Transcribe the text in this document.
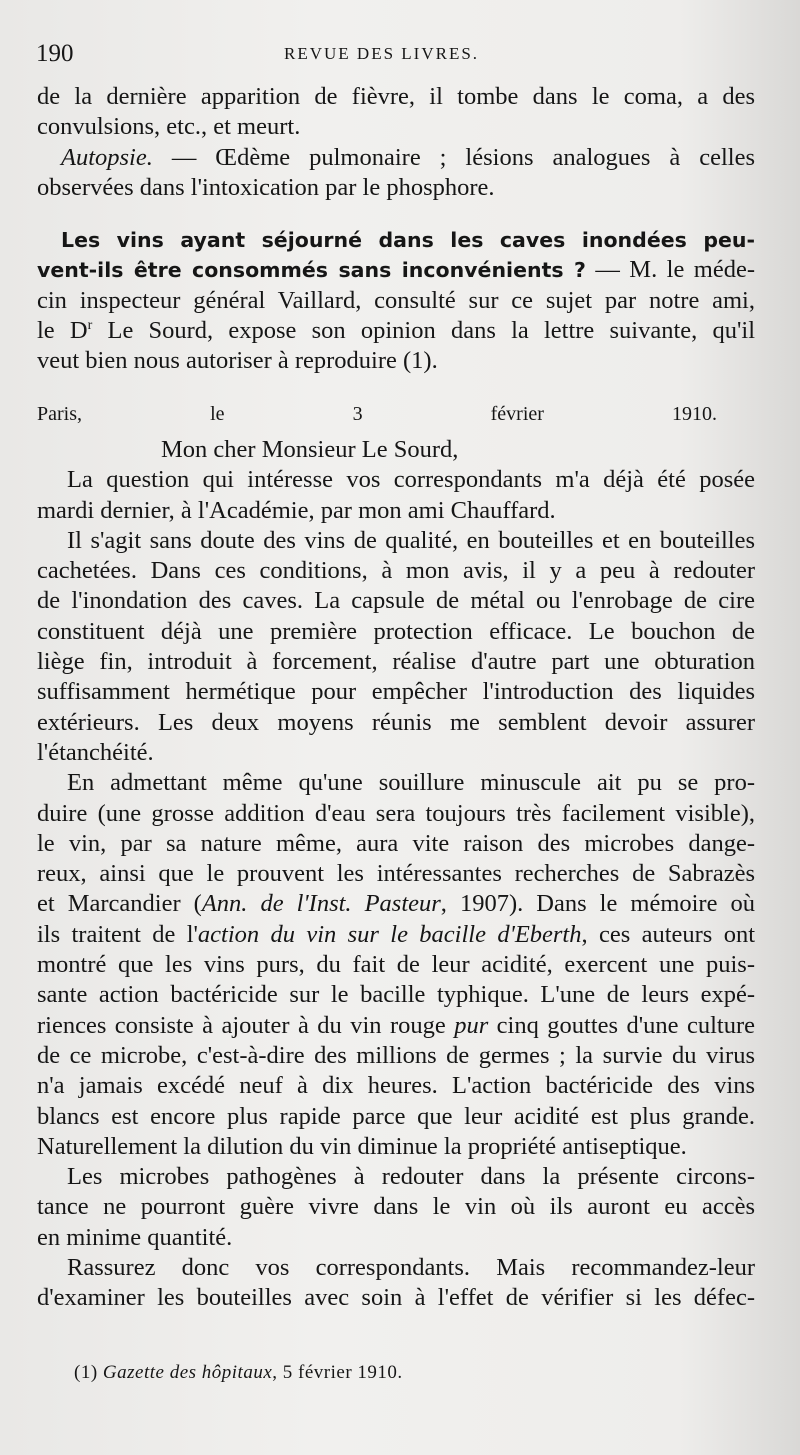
190	REVUE DES LIVRES.
de la dernière apparition de fièvre, il tombe dans le coma, a des
convulsions, etc., et meurt.
Autopsie. — Œdème pulmonaire ; lésions analogues à celles
observées dans l'intoxication par le phosphore.
Les vins ayant séjourné dans les caves inondées peu-
vent-ils être consommés sans inconvénients ? — M. le méde-
cin inspecteur général Vaillard, consulté sur ce sujet par notre ami,
le $D^r$ Le Sourd, expose son opinion dans la lettre suivante, qu'il
veut bien nous autoriser à reproduire (1).
Paris, le 3 février 1910.
Mon cher Monsieur Le Sourd,
La question qui intéresse vos correspondants m'a déjà été posée
mardi dernier, à l'Académie, par mon ami Chauffard.
Il s'agit sans doute des vins de qualité, en bouteilles et en bouteilles
cachetées. Dans ces conditions, à mon avis, il y a peu à redouter
de l'inondation des caves. La capsule de métal ou l'enrobage de cire
constituent déjà une première protection efficace. Le bouchon de
liège fin, introduit à forcement, réalise d'autre part une obturation
suffisamment hermétique pour empêcher l'introduction des liquides
extérieurs. Les deux moyens réunis me semblent devoir assurer
l'étanchéité.
En admettant même qu'une souillure minuscule ait pu se pro-
duire (une grosse addition d'eau sera toujours très facilement visible),
le vin, par sa nature même, aura vite raison des microbes dange-
reux, ainsi que le prouvent les intéressantes recherches de Sabrazès
et Marcandier (Ann. de l'Inst. Pasteur, 1907). Dans le mémoire où
ils traitent de l'action du vin sur le bacille d'Eberth, ces auteurs ont
montré que les vins purs, du fait de leur acidité, exercent une puis-
sante action bactéricide sur le bacille typhique. L'une de leurs expé-
riences consiste à ajouter à du vin rouge pur cinq gouttes d'une culture
de ce microbe, c'est-à-dire des millions de germes ; la survie du virus
n'a jamais excédé neuf à dix heures. L'action bactéricide des vins
blancs est encore plus rapide parce que leur acidité est plus grande.
Naturellement la dilution du vin diminue la propriété antiseptique.
Les microbes pathogènes à redouter dans la présente circons-
tance ne pourront guère vivre dans le vin où ils auront eu accès
en minime quantité.
Rassurez donc vos correspondants. Mais recommandez-leur
d'examiner les bouteilles avec soin à l'effet de vérifier si les défec-
(1) Gazette des hôpitaux, 5 février 1910.
